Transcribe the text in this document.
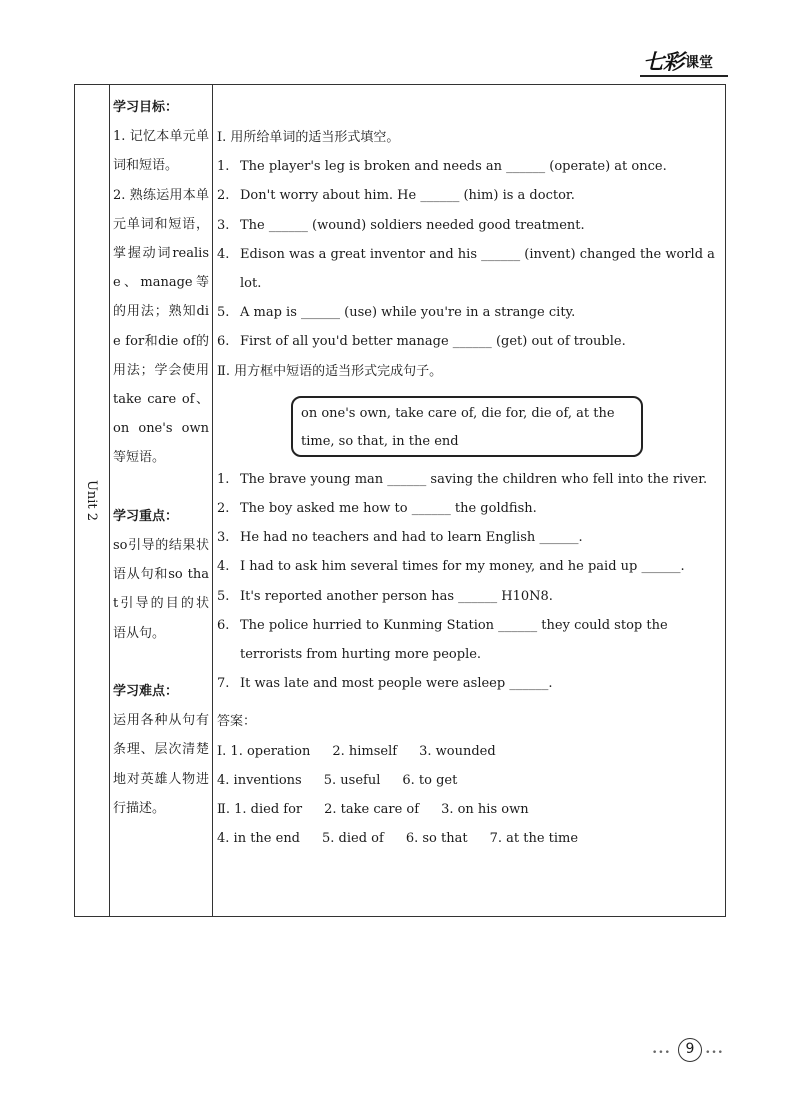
七彩 课堂
Unit 2
学习目标：
1. 记忆本单元单词和短语。
2. 熟练运用本单元单词和短语，掌握动词realise、manage等的用法；熟知die for和die of的用法；学会使用take care of、on one's own等短语。
学习重点：
so引导的结果状语从句和so that引导的目的状语从句。
学习难点：
运用各种从句有条理、层次清楚地对英雄人物进行描述。
Ⅰ. 用所给单词的适当形式填空。
1. The player's leg is broken and needs an ______ (operate) at once.
2. Don't worry about him. He ______ (him) is a doctor.
3. The ______ (wound) soldiers needed good treatment.
4. Edison was a great inventor and his ______ (invent) changed the world a lot.
5. A map is ______ (use) while you're in a strange city.
6. First of all you'd better manage ______ (get) out of trouble.
Ⅱ. 用方框中短语的适当形式完成句子。
on one's own, take care of, die for, die of, at the time, so that, in the end
1. The brave young man ______ saving the children who fell into the river.
2. The boy asked me how to ______ the goldfish.
3. He had no teachers and had to learn English ______.
4. I had to ask him several times for my money, and he paid up ______.
5. It's reported another person has ______ H10N8.
6. The police hurried to Kunming Station ______ they could stop the terrorists from hurting more people.
7. It was late and most people were asleep ______.
答案：
Ⅰ. 1. operation 2. himself 3. wounded
4. inventions 5. useful 6. to get
Ⅱ. 1. died for 2. take care of 3. on his own
4. in the end 5. died of 6. so that 7. at the time
•••	9	•••
